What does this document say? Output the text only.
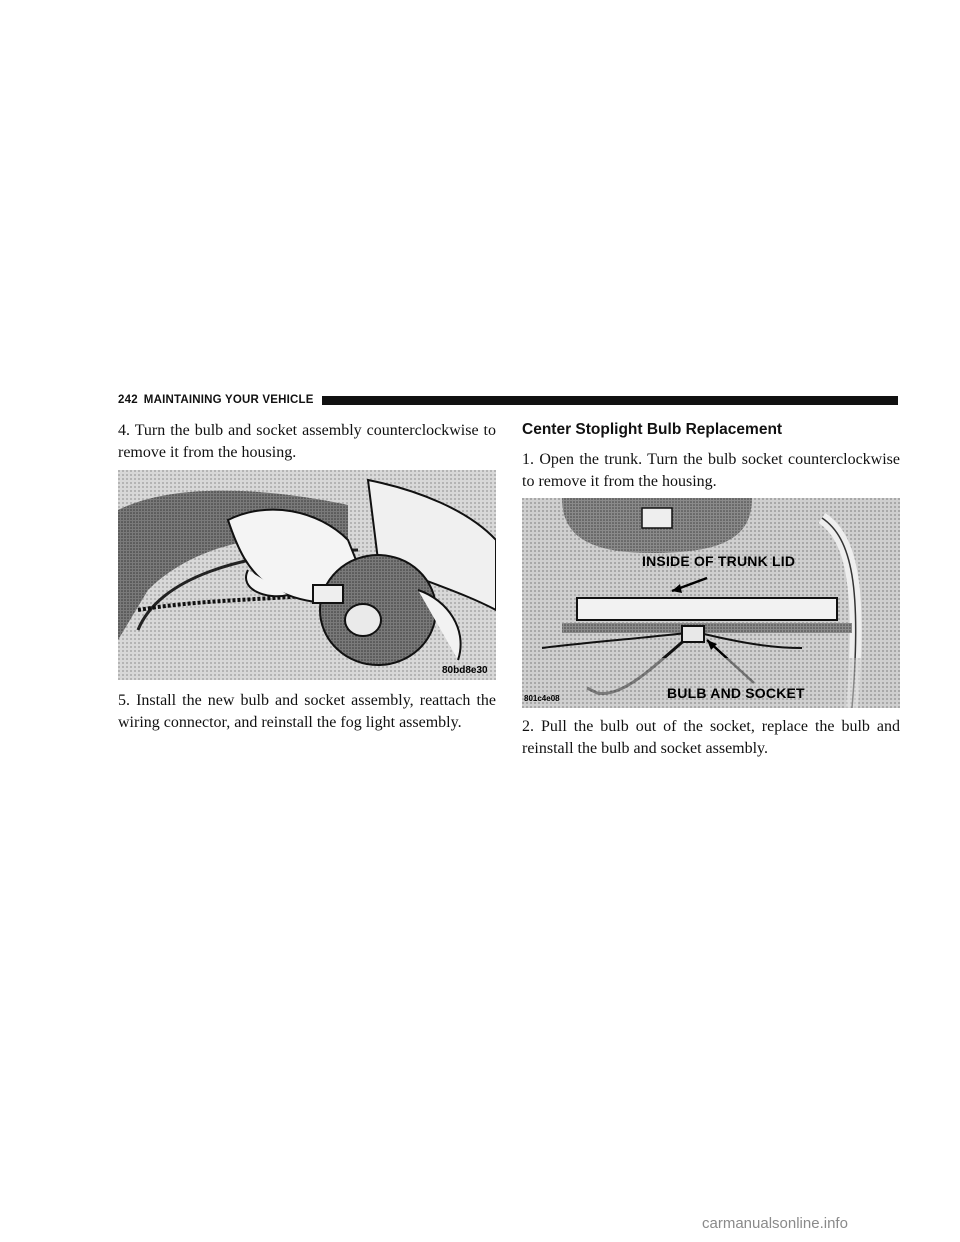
242 MAINTAINING YOUR VEHICLE

4. Turn the bulb and socket assembly counterclockwise to remove it from the housing.

80bd8e30

5. Install the new bulb and socket assembly, reattach the wiring connector, and reinstall the fog light assembly.

Center Stoplight Bulb Replacement

1. Open the trunk. Turn the bulb socket counterclockwise to remove it from the housing.

INSIDE OF TRUNK LID
BULB AND SOCKET
801c4e08

2. Pull the bulb out of the socket, replace the bulb and reinstall the bulb and socket assembly.

carmanualsonline.info
